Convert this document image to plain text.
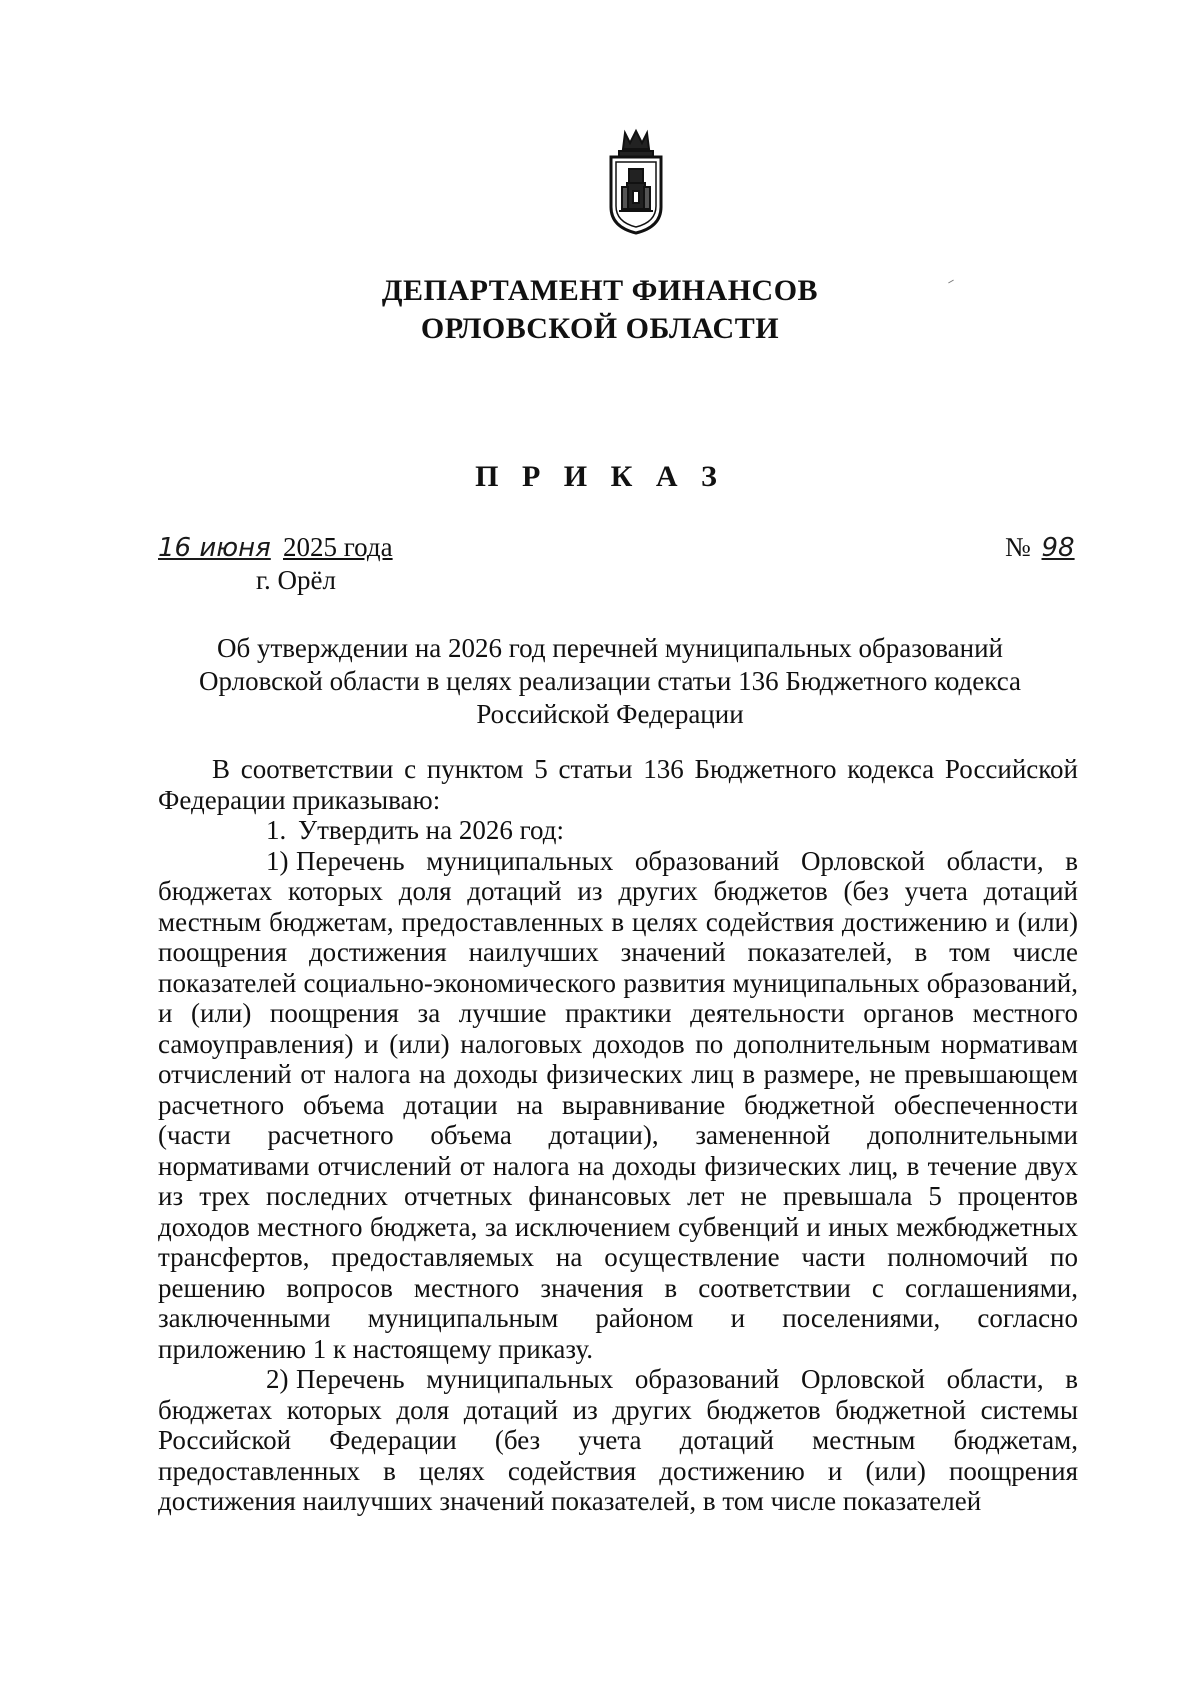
ДЕПАРТАМЕНТ ФИНАНСОВ
ОРЛОВСКОЙ ОБЛАСТИ
П Р И К А З
16 июня 2025 года	№ 98
г. Орёл
Об утверждении на 2026 год перечней муниципальных образований
Орловской области в целях реализации статьи 136 Бюджетного кодекса
Российской Федерации

В соответствии с пунктом 5 статьи 136 Бюджетного кодекса Российской Федерации приказываю:

1. Утвердить на 2026 год:

1) Перечень муниципальных образований Орловской области, в бюджетах которых доля дотаций из других бюджетов (без учета дотаций местным бюджетам, предоставленных в целях содействия достижению и (или) поощрения достижения наилучших значений показателей, в том числе показателей социально-экономического развития муниципальных образований, и (или) поощрения за лучшие практики деятельности органов местного самоуправления) и (или) налоговых доходов по дополнительным нормативам отчислений от налога на доходы физических лиц в размере, не превышающем расчетного объема дотации на выравнивание бюджетной обеспеченности (части расчетного объема дотации), замененной дополнительными нормативами отчислений от налога на доходы физических лиц, в течение двух из трех последних отчетных финансовых лет не превышала 5 процентов доходов местного бюджета, за исключением субвенций и иных межбюджетных трансфертов, предоставляемых на осуществление части полномочий по решению вопросов местного значения в соответствии с соглашениями, заключенными муниципальным районом и поселениями, согласно приложению 1 к настоящему приказу.

2) Перечень муниципальных образований Орловской области, в бюджетах которых доля дотаций из других бюджетов бюджетной системы Российской Федерации (без учета дотаций местным бюджетам, предоставленных в целях содействия достижению и (или) поощрения достижения наилучших значений показателей, в том числе показателей
